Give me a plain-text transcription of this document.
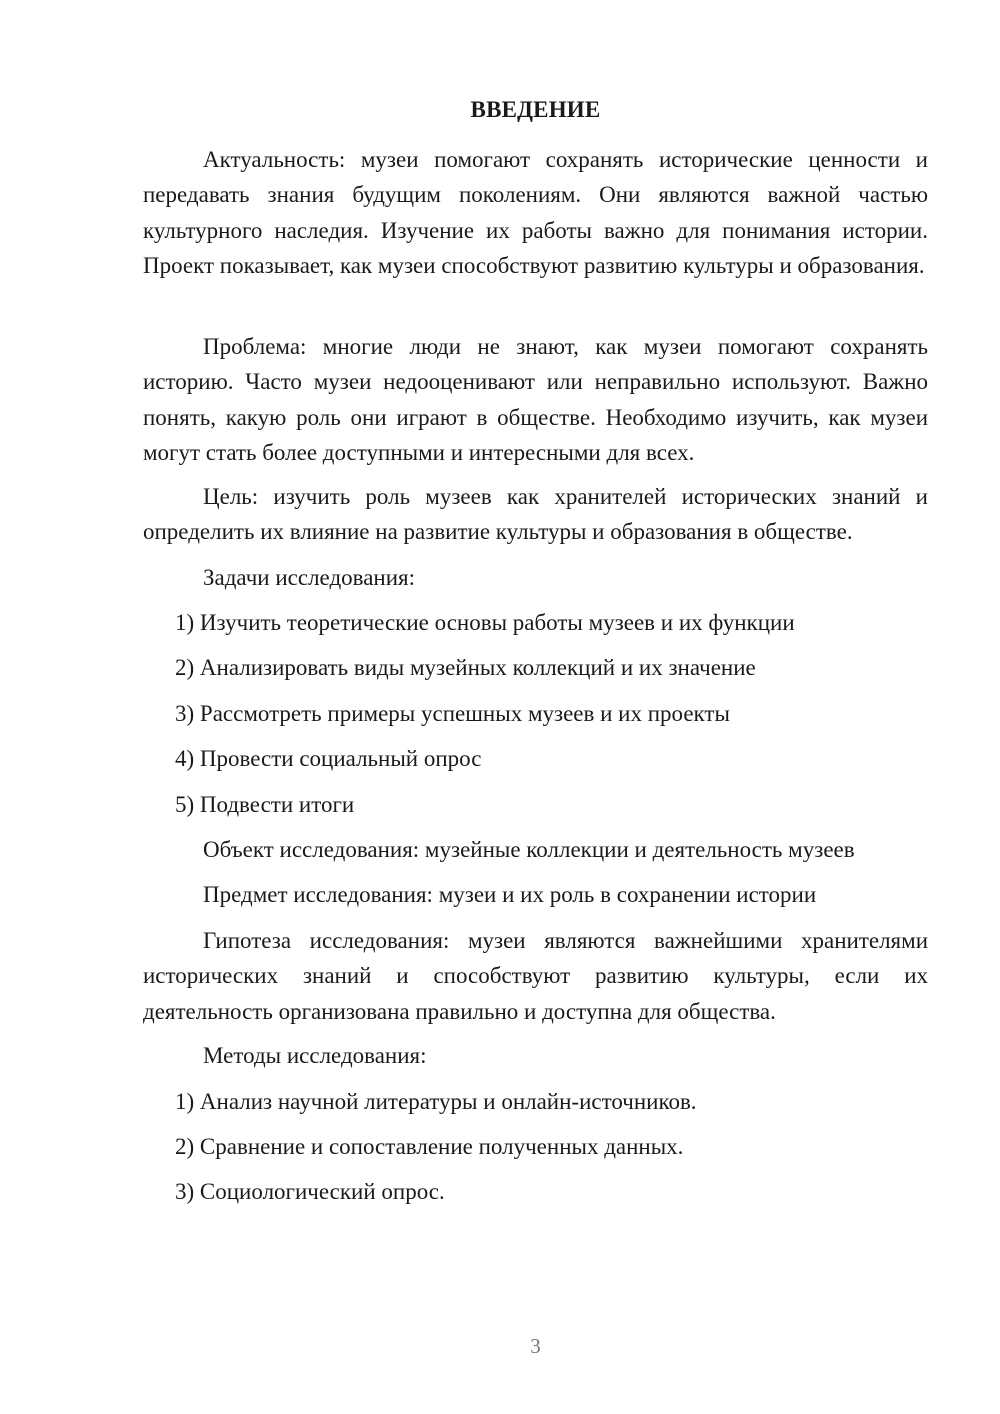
ВВЕДЕНИЕ

Актуальность: музеи помогают сохранять исторические ценности и передавать знания будущим поколениям. Они являются важной частью культурного наследия. Изучение их работы важно для понимания истории. Проект показывает, как музеи способствуют развитию культуры и образования.

Проблема: многие люди не знают, как музеи помогают сохранять историю. Часто музеи недооценивают или неправильно используют. Важно понять, какую роль они играют в обществе. Необходимо изучить, как музеи могут стать более доступными и интересными для всех.

Цель: изучить роль музеев как хранителей исторических знаний и определить их влияние на развитие культуры и образования в обществе.

Задачи исследования:

1) Изучить теоретические основы работы музеев и их функции

2) Анализировать виды музейных коллекций и их значение

3) Рассмотреть примеры успешных музеев и их проекты

4) Провести социальный опрос

5) Подвести итоги

Объект исследования: музейные коллекции и деятельность музеев

Предмет исследования: музеи и их роль в сохранении истории

Гипотеза исследования: музеи являются важнейшими хранителями исторических знаний и способствуют развитию культуры, если их деятельность организована правильно и доступна для общества.

Методы исследования:

1) Анализ научной литературы и онлайн-источников.

2) Сравнение и сопоставление полученных данных.

3) Социологический опрос.

3
